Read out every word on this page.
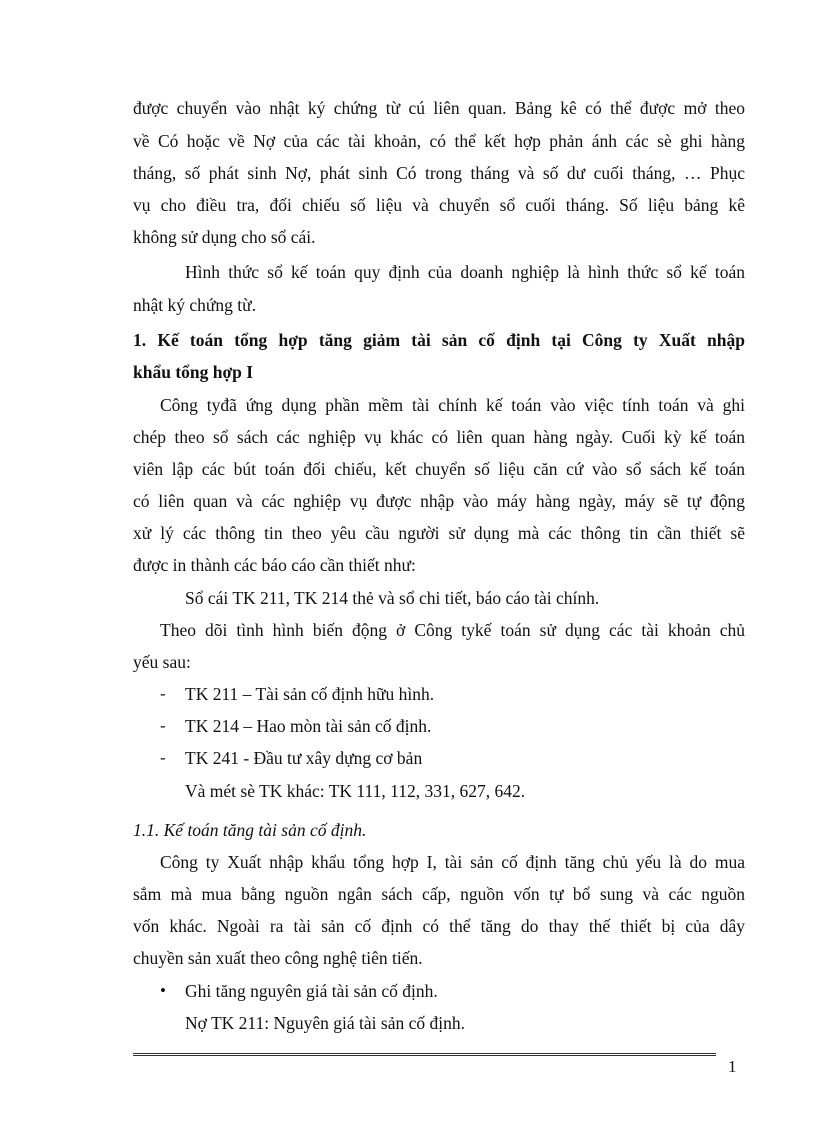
được chuyển vào nhật ký chứng từ cú liên quan. Bảng kê có thể được mở theo
về Có hoặc về Nợ của các tài khoản, có thể kết hợp phản ánh các sè ghi hàng
tháng, số phát sinh Nợ, phát sinh Có trong tháng và số dư cuối tháng, … Phục
vụ cho điều tra, đối chiếu số liệu và chuyển sổ cuối tháng. Số liệu bảng kê
không sử dụng cho sổ cái.
Hình thức sổ kế toán quy định của doanh nghiệp là hình thức sổ kế toán
nhật ký chứng từ.
1. Kế toán tổng hợp tăng giảm tài sản cố định tại Công ty Xuất nhập
khẩu tổng hợp I
Công tyđã ứng dụng phần mềm tài chính kế toán vào việc tính toán và ghi
chép theo sổ sách các nghiệp vụ khác có liên quan hàng ngày. Cuối kỳ kế toán
viên lập các bút toán đối chiếu, kết chuyển số liệu căn cứ vào sổ sách kế toán
có liên quan và các nghiệp vụ được nhập vào máy hàng ngày, máy sẽ tự động
xử lý các thông tin theo yêu cầu người sử dụng mà các thông tin cần thiết sẽ
được in thành các báo cáo cần thiết như:
Sổ cái TK 211, TK 214 thẻ và sổ chi tiết, báo cáo tài chính.
Theo dõi tình hình biến động ở Công tykế toán sử dụng các tài khoản chủ
yếu sau:
TK 211 – Tài sản cố định hữu hình.
-
TK 214 – Hao mòn tài sản cố định.
-
TK 241 - Đầu tư xây dựng cơ bản
-
Và mét sè TK khác: TK 111, 112, 331, 627, 642.
1.1. Kế toán tăng tài sản cố định.
Công ty Xuất nhập khẩu tổng hợp I, tài sản cố định tăng chủ yếu là do mua
sắm mà mua bằng nguồn ngân sách cấp, nguồn vốn tự bổ sung và các nguồn
vốn khác. Ngoài ra tài sản cố định có thể tăng do thay thế thiết bị của dây
chuyền sản xuất theo công nghệ tiên tiến.
Ghi tăng nguyên giá tài sản cố định.
•
Nợ TK 211: Nguyên giá tài sản cố định.
1
